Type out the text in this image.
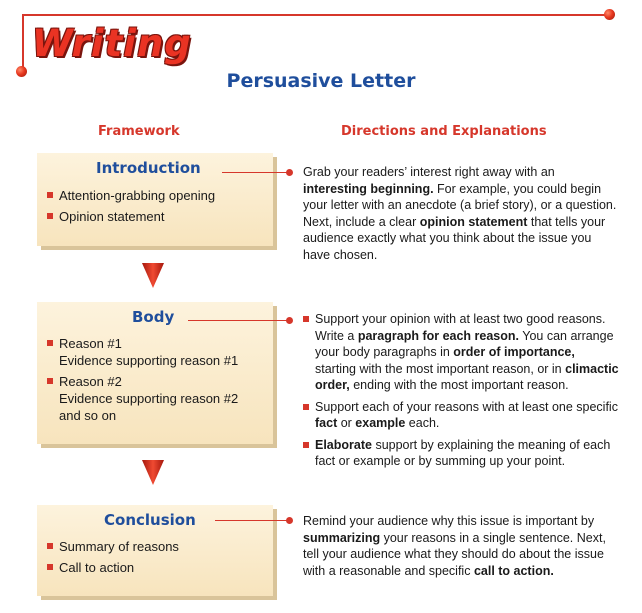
Writing
Persuasive Letter
Framework	Directions and Explanations
Introduction
Attention-grabbing opening
Opinion statement
Body
Reason #1
Evidence supporting reason #1
Reason #2
Evidence supporting reason #2
and so on
Conclusion
Summary of reasons
Call to action

Grab your readers’ interest right away with an interesting beginning. For example, you could begin your letter with an anecdote (a brief story), or a question. Next, include a clear opinion statement that tells your audience exactly what you think about the issue you have chosen.

Support your opinion with at least two good reasons. Write a paragraph for each reason. You can arrange your body paragraphs in order of importance, starting with the most important reason, or in climactic order, ending with the most important reason.
Support each of your reasons with at least one specific fact or example each.
Elaborate support by explaining the meaning of each fact or example or by summing up your point.

Remind your audience why this issue is important by summarizing your reasons in a single sentence. Next, tell your audience what they should do about the issue with a reasonable and specific call to action.
